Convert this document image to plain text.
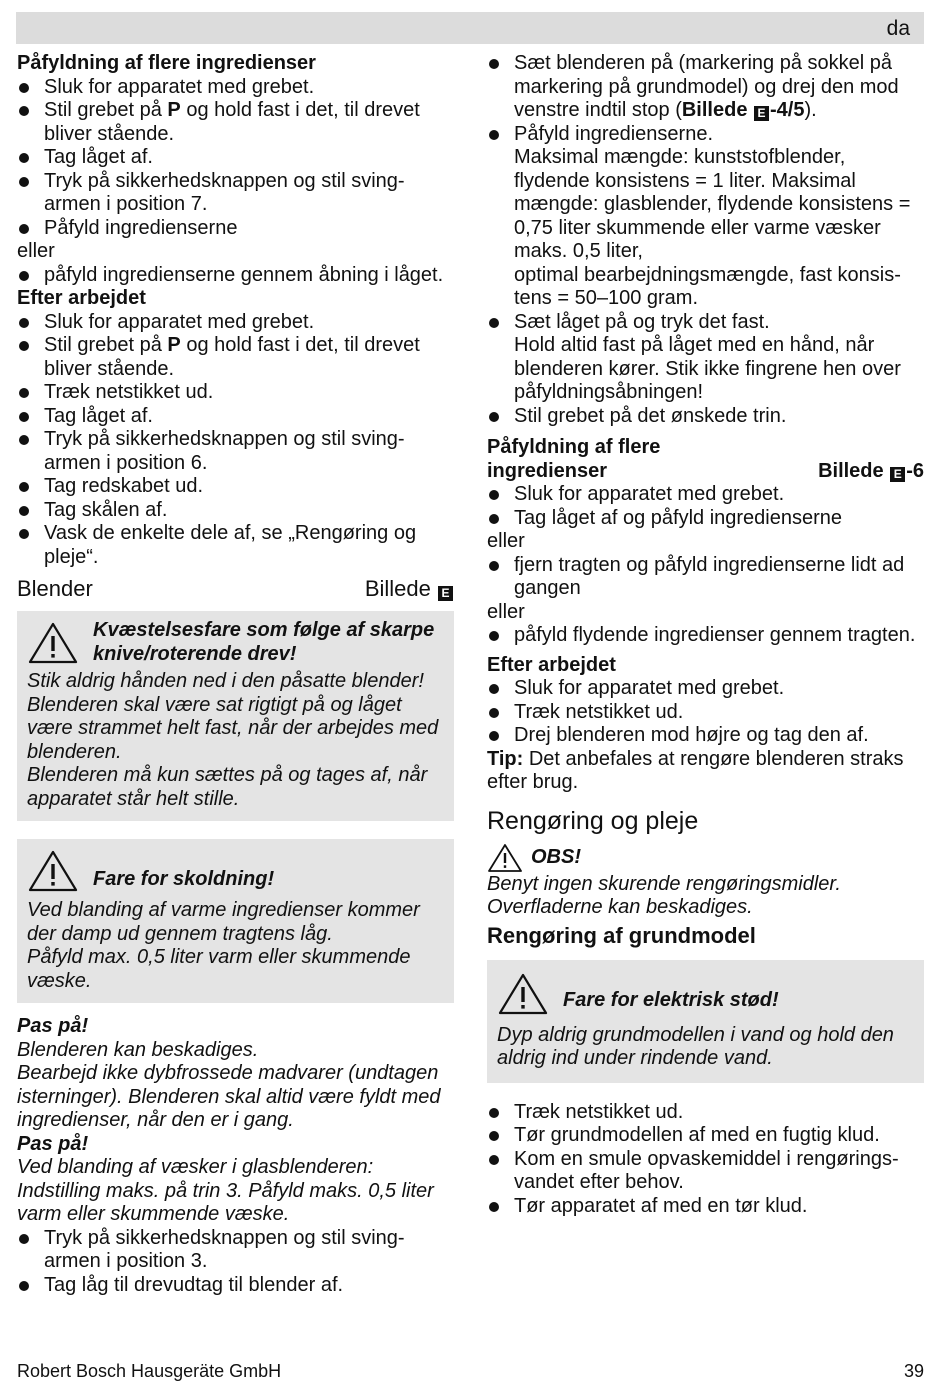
da

Påfyldning af flere ingredienser

Sluk for apparatet med grebet.
Stil grebet på P og hold fast i det, til drevet bliver stående.
Tag låget af.
Tryk på sikkerhedsknappen og stil sving-armen i position 7.
Påfyld ingredienserne

eller

påfyld ingredienserne gennem åbning i låget.

Efter arbejdet

Sluk for apparatet med grebet.
Stil grebet på P og hold fast i det, til drevet bliver stående.
Træk netstikket ud.
Tag låget af.
Tryk på sikkerhedsknappen og stil sving-armen i position 6.
Tag redskabet ud.
Tag skålen af.
Vask de enkelte dele af, se „Rengøring og pleje“.
Blender	Billede E
Kvæstelsesfare som følge af skarpe knive/roterende drev!

Stik aldrig hånden ned i den påsatte blender!

Blenderen skal være sat rigtigt på og låget være strammet helt fast, når der arbejdes med blenderen.

Blenderen må kun sættes på og tages af, når apparatet står helt stille.

Fare for skoldning!

Ved blanding af varme ingredienser kommer der damp ud gennem tragtens låg.

Påfyld max. 0,5 liter varm eller skummende væske.

Pas på!

Blenderen kan beskadiges.

Bearbejd ikke dybfrossede madvarer (undtagen isterninger). Blenderen skal altid være fyldt med ingredienser, når den er i gang.

Pas på!

Ved blanding af væsker i glasblenderen: Indstilling maks. på trin 3. Påfyld maks. 0,5 liter varm eller skummende væske.

Tryk på sikkerhedsknappen og stil sving-armen i position 3.
Tag låg til drevudtag til blender af.
Sæt blenderen på (markering på sokkel på markering på grundmodel) og drej den mod venstre indtil stop (Billede E -4/5).
Påfyld ingredienserne.

Maksimal mængde: kunststofblender, flydende konsistens = 1 liter. Maksimal mængde: glasblender, flydende konsistens = 0,75 liter skummende eller varme væsker maks. 0,5 liter,

optimal bearbejdningsmængde, fast konsis-tens = 50–100 gram.

Sæt låget på og tryk det fast.

Hold altid fast på låget med en hånd, når blenderen kører. Stik ikke fingrene hen over påfyldningsåbningen!

Stil grebet på det ønskede trin.

Påfyldning af flere

ingredienser	Billede E -6
Sluk for apparatet med grebet.
Tag låget af og påfyld ingredienserne

eller

fjern tragten og påfyld ingredienserne lidt ad gangen

eller

påfyld flydende ingredienser gennem tragten.

Efter arbejdet

Sluk for apparatet med grebet.
Træk netstikket ud.
Drej blenderen mod højre og tag den af.

Tip: Det anbefales at rengøre blenderen straks efter brug.

Rengøring og pleje

OBS!

Benyt ingen skurende rengøringsmidler.

Overfladerne kan beskadiges.

Rengøring af grundmodel

Fare for elektrisk stød!

Dyp aldrig grundmodellen i vand og hold den aldrig ind under rindende vand.

Træk netstikket ud.
Tør grundmodellen af med en fugtig klud.
Kom en smule opvaskemiddel i rengørings-vandet efter behov.
Tør apparatet af med en tør klud.
Robert Bosch Hausgeräte GmbH	39
